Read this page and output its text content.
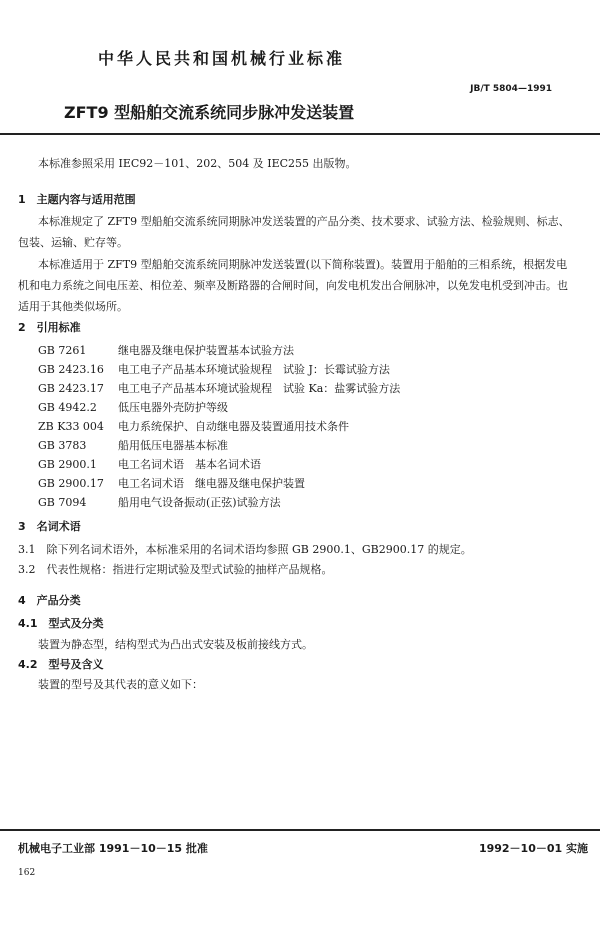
中华人民共和国机械行业标准
JB/T 5804—1991
ZFT9 型船舶交流系统同步脉冲发送装置
本标准参照采用 IEC92－101、202、504 及 IEC255 出版物。
1　主题内容与适用范围
本标准规定了 ZFT9 型船舶交流系统同期脉冲发送装置的产品分类、技术要求、试验方法、检验规则、标志、包装、运输、贮存等。
本标准适用于 ZFT9 型船舶交流系统同期脉冲发送装置(以下简称装置)。装置用于船舶的三相系统，根据发电机和电力系统之间电压差、相位差、频率及断路器的合闸时间，向发电机发出合闸脉冲，以免发电机受到冲击。也适用于其他类似场所。
2　引用标准
GB 7261	继电器及继电保护装置基本试验方法
GB 2423.16 电工电子产品基本环境试验规程　试验 J：长霉试验方法
GB 2423.17 电工电子产品基本环境试验规程　试验 Ka：盐雾试验方法
GB 4942.2 低压电器外壳防护等级
ZB K33 004 电力系统保护、自动继电器及装置通用技术条件
GB 3783	船用低压电器基本标准
GB 2900.1 电工名词术语　基本名词术语
GB 2900.17 电工名词术语　继电器及继电保护装置
GB 7094	船用电气设备振动(正弦)试验方法
3　名词术语
3.1　除下列名词术语外，本标准采用的名词术语均参照 GB 2900.1、GB2900.17 的规定。
3.2　代表性规格：指进行定期试验及型式试验的抽样产品规格。
4　产品分类
4.1　型式及分类
装置为静态型，结构型式为凸出式安装及板前接线方式。
4.2　型号及含义
装置的型号及其代表的意义如下：
机械电子工业部 1991－10－15 批准	1992－10－01 实施
162
